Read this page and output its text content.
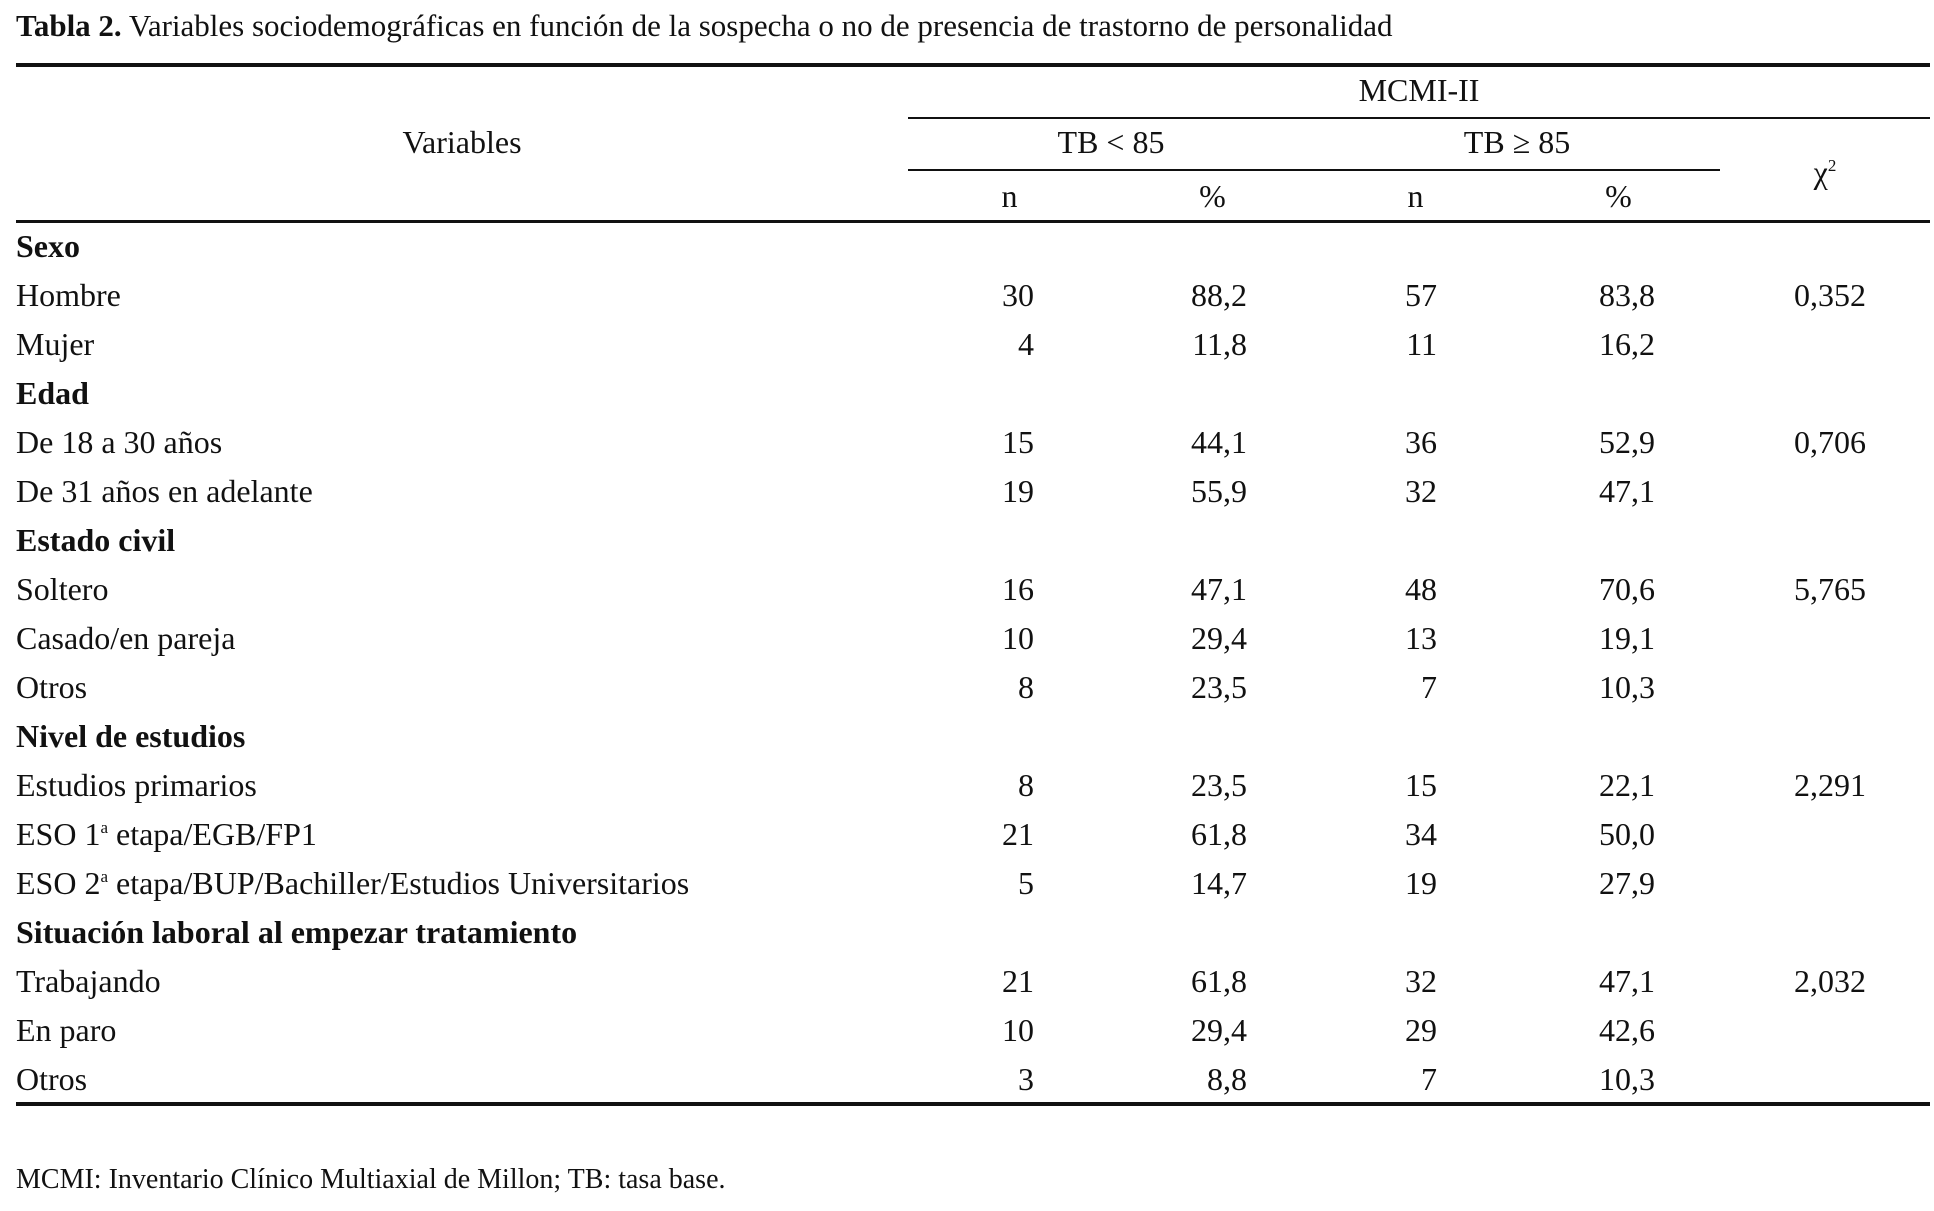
Tabla 2. Variables sociodemográficas en función de la sospecha o no de presencia de trastorno de personalidad
Variables
MCMI-II
TB < 85	TB ≥ 85
n	%	n	%
$\chi^2$
Sexo
Hombre	30	88,2	57	83,8	0,352
Mujer	4	11,8	11	16,2
Edad
De 18 a 30 años	15	44,1	36	52,9	0,706
De 31 años en adelante	19	55,9	32	47,1
Estado civil
Soltero	16	47,1	48	70,6	5,765
Casado/en pareja	10	29,4	13	19,1
Otros	8	23,5	7	10,3
Nivel de estudios
Estudios primarios	8	23,5	15	22,1	2,291
ESO 1$^a$ etapa/EGB/FP1	21	61,8	34	50,0
ESO 2$^a$ etapa/BUP/Bachiller/Estudios Universitarios	5	14,7	19	27,9
Situación laboral al empezar tratamiento
Trabajando	21	61,8	32	47,1	2,032
En paro	10	29,4	29	42,6
Otros	3	8,8	7	10,3
MCMI: Inventario Clínico Multiaxial de Millon; TB: tasa base.
